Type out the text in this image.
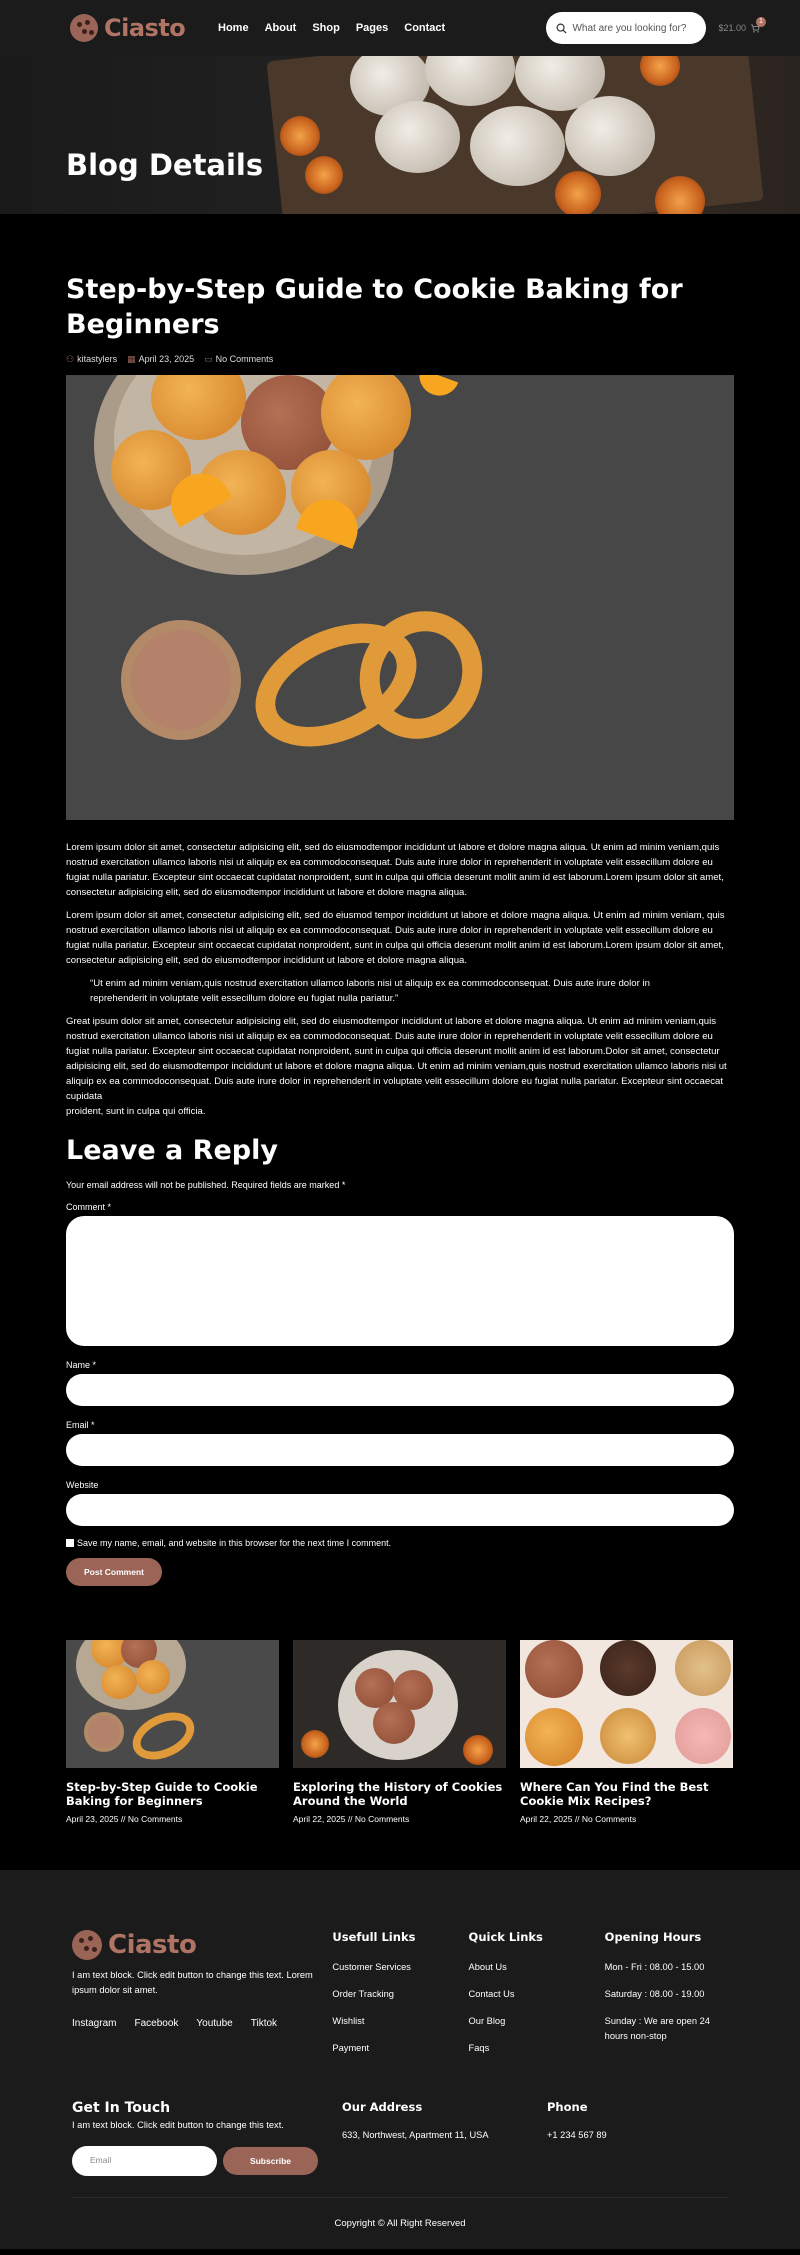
Ciasto	Home About Shop Pages Contact	What are you looking for?	$21.00
1
Blog Details
Step-by-Step Guide to Cookie Baking for Beginners
⚇ kitastylers ▦ April 23, 2025 ▭ No Comments

Lorem ipsum dolor sit amet, consectetur adipisicing elit, sed do eiusmodtempor incididunt ut labore et dolore magna aliqua. Ut enim ad minim veniam,quis nostrud exercitation ullamco laboris nisi ut aliquip ex ea commodoconsequat. Duis aute irure dolor in reprehenderit in voluptate velit essecillum dolore eu fugiat nulla pariatur. Excepteur sint occaecat cupidatat nonproident, sunt in culpa qui officia deserunt mollit anim id est laborum.Lorem ipsum dolor sit amet, consectetur adipisicing elit, sed do eiusmodtempor incididunt ut labore et dolore magna aliqua.

Lorem ipsum dolor sit amet, consectetur adipisicing elit, sed do eiusmod tempor incididunt ut labore et dolore magna aliqua. Ut enim ad minim veniam, quis nostrud exercitation ullamco laboris nisi ut aliquip ex ea commodoconsequat. Duis aute irure dolor in reprehenderit in voluptate velit essecillum dolore eu fugiat nulla pariatur. Excepteur sint occaecat cupidatat nonproident, sunt in culpa qui officia deserunt mollit anim id est laborum.Lorem ipsum dolor sit amet, consectetur adipisicing elit, sed do eiusmodtempor incididunt ut labore et dolore magna aliqua.

“Ut enim ad minim veniam,quis nostrud exercitation ullamco laboris nisi ut aliquip ex ea commodoconsequat. Duis aute irure dolor in reprehenderit in voluptate velit essecillum dolore eu fugiat nulla pariatur.”

Great ipsum dolor sit amet, consectetur adipisicing elit, sed do eiusmodtempor incididunt ut labore et dolore magna aliqua. Ut enim ad minim veniam,quis nostrud exercitation ullamco laboris nisi ut aliquip ex ea commodoconsequat. Duis aute irure dolor in reprehenderit in voluptate velit essecillum dolore eu fugiat nulla pariatur. Excepteur sint occaecat cupidatat nonproident, sunt in culpa qui officia deserunt mollit anim id est laborum.Dolor sit amet, consectetur adipisicing elit, sed do eiusmodtempor incididunt ut labore et dolore magna aliqua. Ut enim ad minim veniam,quis nostrud exercitation ullamco laboris nisi ut aliquip ex ea commodoconsequat. Duis aute irure dolor in reprehenderit in voluptate velit essecillum dolore eu fugiat nulla pariatur. Excepteur sint occaecat cupidata

proident, sunt in culpa qui officia.

Leave a Reply
Your email address will not be published. Required fields are marked *
Comment *
Name *
Email *
Website
Save my name, email, and website in this browser for the next time I comment.
Post Comment
Step-by-Step Guide to Cookie Baking for Beginners
April 23, 2025 // No Comments
Exploring the History of Cookies Around the World
April 22, 2025 // No Comments
Where Can You Find the Best Cookie Mix Recipes?
April 22, 2025 // No Comments
Ciasto

I am text block. Click edit button to change this text. Lorem ipsum dolor sit amet.

Instagram Facebook Youtube Tiktok
Usefull Links
Customer Services
Order Tracking
Wishlist
Payment
Quick Links
About Us
Contact Us
Our Blog
Faqs
Opening Hours
Mon - Fri : 08.00 - 15.00
Saturday : 08.00 - 19.00
Sunday : We are open 24 hours non-stop
Get In Touch

I am text block. Click edit button to change this text.

Email	Subscribe
Our Address
633, Northwest, Apartment 11, USA
Phone
+1 234 567 89
Copyright © All Right Reserved
